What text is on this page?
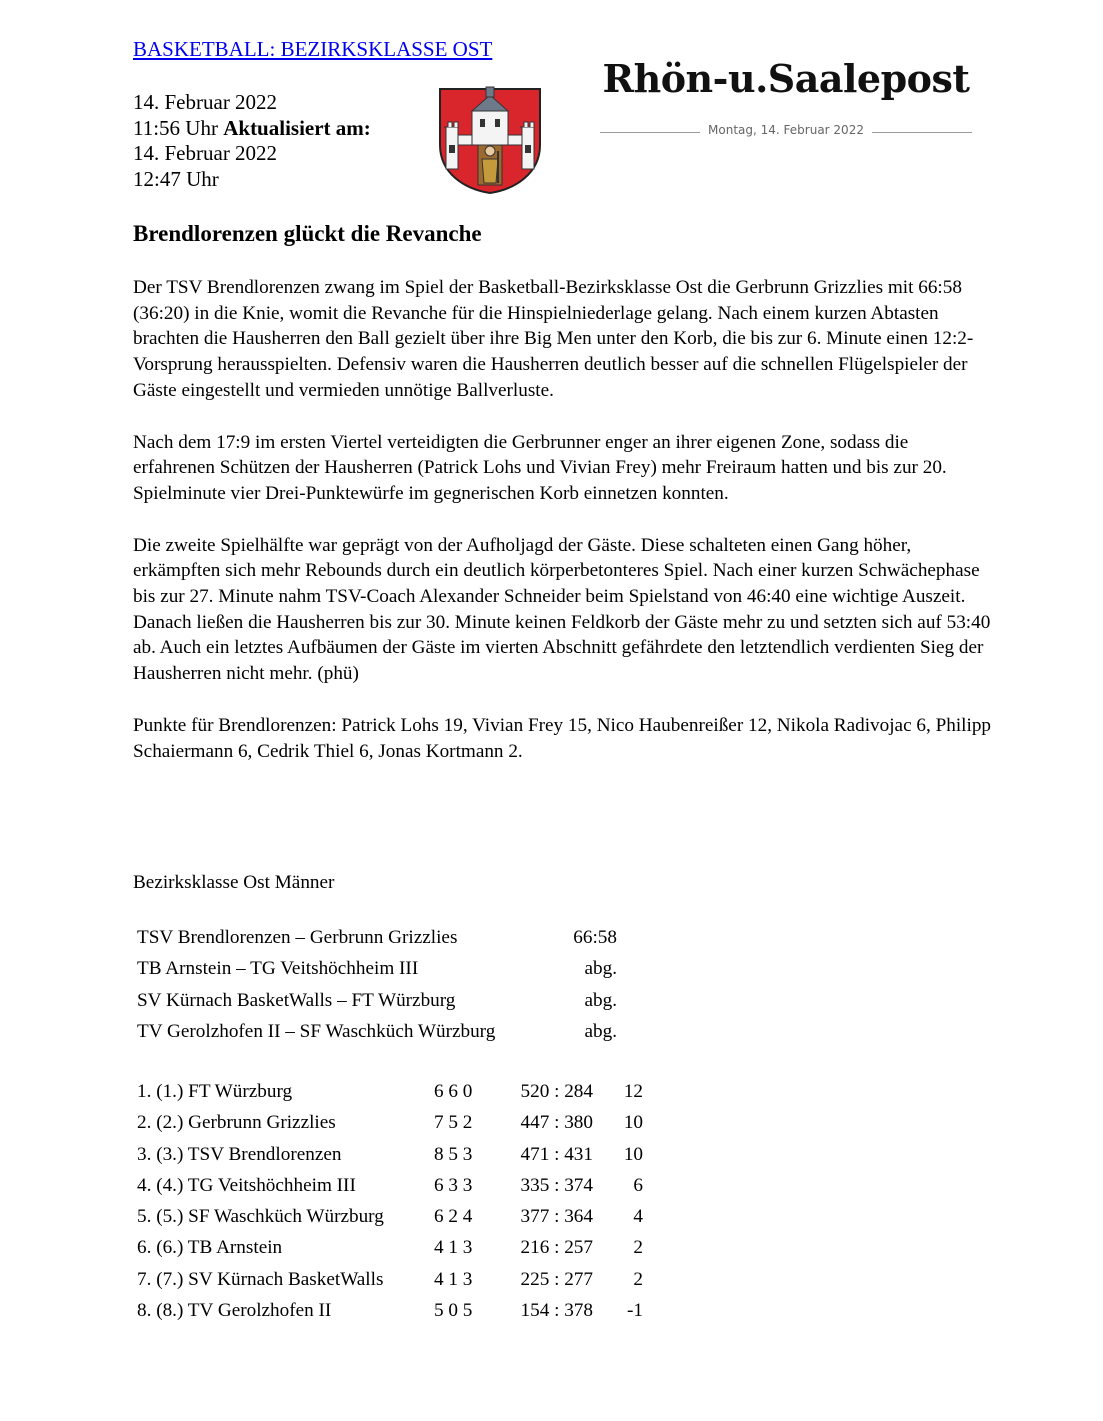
BASKETBALL: BEZIRKSKLASSE OST
14. Februar 2022
11:56 Uhr Aktualisiert am:
14. Februar 2022
12:47 Uhr
Rhön-u.Saalepost
Montag, 14. Februar 2022
Brendlorenzen glückt die Revanche

Der TSV Brendlorenzen zwang im Spiel der Basketball-Bezirksklasse Ost die Gerbrunn Grizzlies mit 66:58 (36:20) in die Knie, womit die Revanche für die Hinspielniederlage gelang. Nach einem kurzen Abtasten brachten die Hausherren den Ball gezielt über ihre Big Men unter den Korb, die bis zur 6. Minute einen 12:2-Vorsprung herausspielten. Defensiv waren die Hausherren deutlich besser auf die schnellen Flügelspieler der Gäste eingestellt und vermieden unnötige Ballverluste.

Nach dem 17:9 im ersten Viertel verteidigten die Gerbrunner enger an ihrer eigenen Zone, sodass die erfahrenen Schützen der Hausherren (Patrick Lohs und Vivian Frey) mehr Freiraum hatten und bis zur 20. Spielminute vier Drei-Punktewürfe im gegnerischen Korb einnetzen konnten.

Die zweite Spielhälfte war geprägt von der Aufholjagd der Gäste. Diese schalteten einen Gang höher, erkämpften sich mehr Rebounds durch ein deutlich körperbetonteres Spiel. Nach einer kurzen Schwächephase bis zur 27. Minute nahm TSV-Coach Alexander Schneider beim Spielstand von 46:40 eine wichtige Auszeit. Danach ließen die Hausherren bis zur 30. Minute keinen Feldkorb der Gäste mehr zu und setzten sich auf 53:40 ab. Auch ein letztes Aufbäumen der Gäste im vierten Abschnitt gefährdete den letztendlich verdienten Sieg der Hausherren nicht mehr. (phü)

Punkte für Brendlorenzen: Patrick Lohs 19, Vivian Frey 15, Nico Haubenreißer 12, Nikola Radivojac 6, Philipp Schaiermann 6, Cedrik Thiel 6, Jonas Kortmann 2.

Bezirksklasse Ost Männer
TSV Brendlorenzen – Gerbrunn Grizzlies	66:58
TB Arnstein – TG Veitshöchheim III	abg.
SV Kürnach BasketWalls – FT Würzburg	abg.
TV Gerolzhofen II – SF Waschküch Würzburg	abg.
1. (1.) FT Würzburg	6 6 0	520 : 284	12
2. (2.) Gerbrunn Grizzlies	7 5 2	447 : 380	10
3. (3.) TSV Brendlorenzen	8 5 3	471 : 431	10
4. (4.) TG Veitshöchheim III	6 3 3	335 : 374	6
5. (5.) SF Waschküch Würzburg	6 2 4	377 : 364	4
6. (6.) TB Arnstein	4 1 3	216 : 257	2
7. (7.) SV Kürnach BasketWalls	4 1 3	225 : 277	2
8. (8.) TV Gerolzhofen II	5 0 5	154 : 378	-1
